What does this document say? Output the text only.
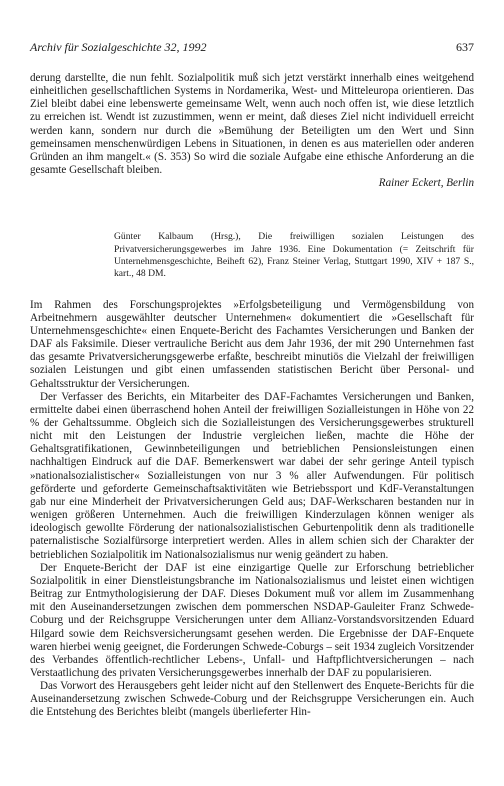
Archiv für Sozialgeschichte 32, 1992	637

derung darstellte, die nun fehlt. Sozialpolitik muß sich jetzt verstärkt innerhalb eines weitgehend einheitlichen gesellschaftlichen Systems in Nordamerika, West- und Mitteleuropa orientieren. Das Ziel bleibt dabei eine lebenswerte gemeinsame Welt, wenn auch noch offen ist, wie diese letztlich zu erreichen ist. Wendt ist zuzustimmen, wenn er meint, daß dieses Ziel nicht individuell erreicht werden kann, sondern nur durch die »Bemühung der Beteiligten um den Wert und Sinn gemeinsamen menschenwürdigen Lebens in Situationen, in denen es aus materiellen oder anderen Gründen an ihm mangelt.« (S. 353) So wird die soziale Aufgabe eine ethische Anforderung an die gesamte Gesellschaft bleiben.

Rainer Eckert, Berlin

Günter Kalbaum (Hrsg.), Die freiwilligen sozialen Leistungen des Privatversicherungsgewerbes im Jahre 1936. Eine Dokumentation (= Zeitschrift für Unternehmensgeschichte, Beiheft 62), Franz Steiner Verlag, Stuttgart 1990, XIV + 187 S., kart., 48 DM.

Im Rahmen des Forschungsprojektes »Erfolgsbeteiligung und Vermögensbildung von Arbeitnehmern ausgewählter deutscher Unternehmen« dokumentiert die »Gesellschaft für Unternehmensgeschichte« einen Enquete-Bericht des Fachamtes Versicherungen und Banken der DAF als Faksimile. Dieser vertrauliche Bericht aus dem Jahr 1936, der mit 290 Unternehmen fast das gesamte Privatversicherungsgewerbe erfaßte, beschreibt minutiös die Vielzahl der freiwilligen sozialen Leistungen und gibt einen umfassenden statistischen Bericht über Personal- und Gehaltsstruktur der Versicherungen.

Der Verfasser des Berichts, ein Mitarbeiter des DAF-Fachamtes Versicherungen und Banken, ermittelte dabei einen überraschend hohen Anteil der freiwilligen Sozialleistungen in Höhe von 22 % der Gehaltssumme. Obgleich sich die Sozialleistungen des Versicherungsgewerbes strukturell nicht mit den Leistungen der Industrie vergleichen ließen, machte die Höhe der Gehaltsgratifikationen, Gewinnbeteiligungen und betrieblichen Pensionsleistungen einen nachhaltigen Eindruck auf die DAF. Bemerkenswert war dabei der sehr geringe Anteil typisch »nationalsozialistischer« Sozialleistungen von nur 3 % aller Aufwendungen. Für politisch geförderte und geforderte Gemeinschaftsaktivitäten wie Betriebssport und KdF-Veranstaltungen gab nur eine Minderheit der Privatversicherungen Geld aus; DAF-Werkscharen bestanden nur in wenigen größeren Unternehmen. Auch die freiwilligen Kinderzulagen können weniger als ideologisch gewollte Förderung der nationalsozialistischen Geburtenpolitik denn als traditionelle paternalistische Sozialfürsorge interpretiert werden. Alles in allem schien sich der Charakter der betrieblichen Sozialpolitik im Nationalsozialismus nur wenig geändert zu haben.

Der Enquete-Bericht der DAF ist eine einzigartige Quelle zur Erforschung betrieblicher Sozialpolitik in einer Dienstleistungsbranche im Nationalsozialismus und leistet einen wichtigen Beitrag zur Entmythologisierung der DAF. Dieses Dokument muß vor allem im Zusammenhang mit den Auseinandersetzungen zwischen dem pommerschen NSDAP-Gauleiter Franz Schwede-Coburg und der Reichsgruppe Versicherungen unter dem Allianz-Vorstandsvorsitzenden Eduard Hilgard sowie dem Reichsversicherungsamt gesehen werden. Die Ergebnisse der DAF-Enquete waren hierbei wenig geeignet, die Forderungen Schwede-Coburgs – seit 1934 zugleich Vorsitzender des Verbandes öffentlich-rechtlicher Lebens-, Unfall- und Haftpflichtversicherungen – nach Verstaatlichung des privaten Versicherungsgewerbes innerhalb der DAF zu popularisieren.

Das Vorwort des Herausgebers geht leider nicht auf den Stellenwert des Enquete-Berichts für die Auseinandersetzung zwischen Schwede-Coburg und der Reichsgruppe Versicherungen ein. Auch die Entstehung des Berichtes bleibt (mangels überlieferter Hin-
